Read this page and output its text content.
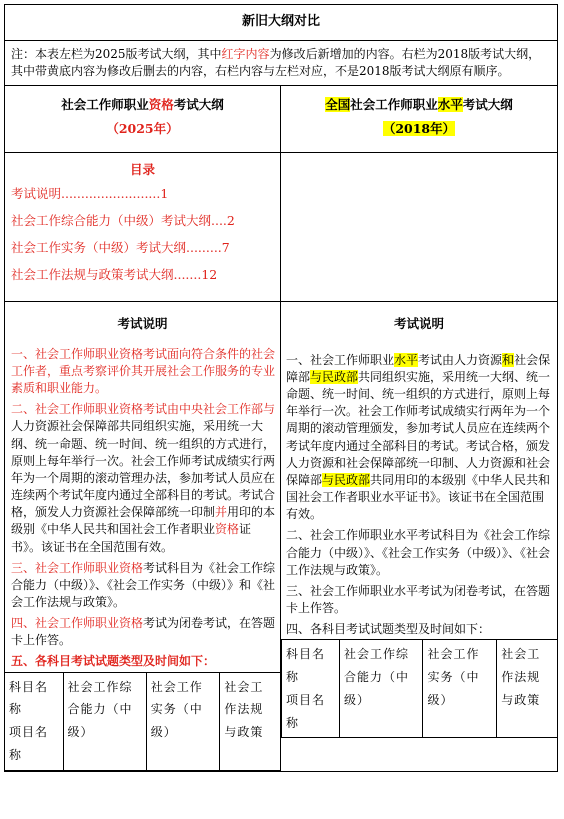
新旧大纲对比
注：本表左栏为2025版考试大纲，其中红字内容为修改后新增加的内容。右栏为2018版考试大纲，其中带黄底内容为修改后删去的内容，右栏内容与左栏对应，不是2018版考试大纲原有顺序。
社会工作师职业资格考试大纲
（2025年）
全国社会工作师职业水平考试大纲
（2018年）
目录
考试说明.........................1
社会工作综合能力（中级）考试大纲....2
社会工作实务（中级）考试大纲.........7
社会工作法规与政策考试大纲.......12
考试说明
一、社会工作师职业资格考试面向符合条件的社会工作者，重点考察评价其开展社会工作服务的专业素质和职业能力。
二、社会工作师职业资格考试由中央社会工作部与人力资源社会保障部共同组织实施，采用统一大纲、统一命题、统一时间、统一组织的方式进行，原则上每年举行一次。社会工作师考试成绩实行两年为一个周期的滚动管理办法，参加考试人员应在连续两个考试年度内通过全部科目的考试。考试合格，颁发人力资源社会保障部统一印制并用印的本级别《中华人民共和国社会工作者职业资格证书》。该证书在全国范围有效。
三、社会工作师职业资格考试科目为《社会工作综合能力（中级）》、《社会工作实务（中级）》和《社会工作法规与政策》。
四、社会工作师职业资格考试为闭卷考试，在答题卡上作答。
五、各科目考试试题类型及时间如下：
科目名称
项目名称	社会工作综合能力（中级）	社会工作实务（中级）	社会工作法规与政策
考试说明
一、社会工作师职业水平考试由人力资源和社会保障部与民政部共同组织实施，采用统一大纲、统一命题、统一时间、统一组织的方式进行，原则上每年举行一次。社会工作师考试成绩实行两年为一个周期的滚动管理颁发，参加考试人员应在连续两个考试年度内通过全部科目的考试。考试合格，颁发人力资源和社会保障部统一印制、人力资源和社会保障部与民政部共同用印的本级别《中华人民共和国社会工作者职业水平证书》。该证书在全国范围有效。
二、社会工作师职业水平考试科目为《社会工作综合能力（中级）》、《社会工作实务（中级）》、《社会工作法规与政策》。
三、社会工作师职业水平考试为闭卷考试，在答题卡上作答。
四、各科目考试试题类型及时间如下：
科目名称
项目名称	社会工作综合能力（中级）	社会工作实务（中级）	社会工作法规与政策
